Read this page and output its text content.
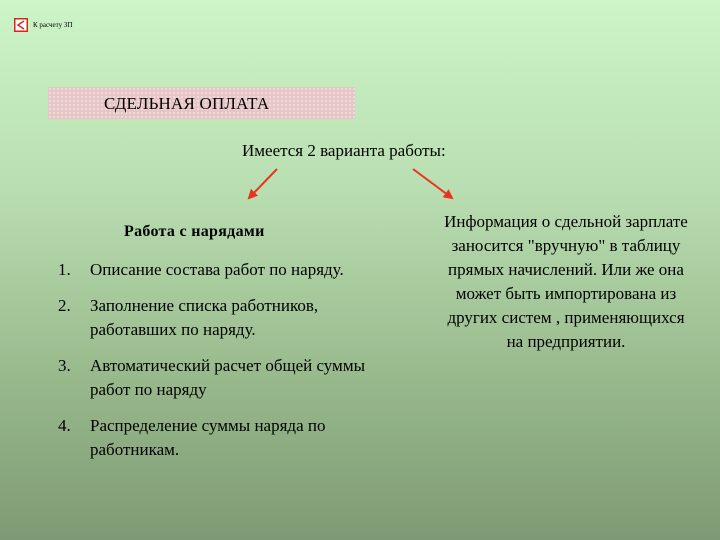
К расчету ЗП
СДЕЛЬНАЯ ОПЛАТА
Имеется 2 варианта работы:
Работа с нарядами
1. Описание состава работ по наряду.
2. Заполнение списка работников, работавших по наряду.
3. Автоматический расчет общей суммы работ по наряду
4. Распределение суммы наряда по работникам.
Информация о сдельной зарплате заносится "вручную" в таблицу прямых начислений. Или же она может быть импортирована из других систем , применяющихся на предприятии.
